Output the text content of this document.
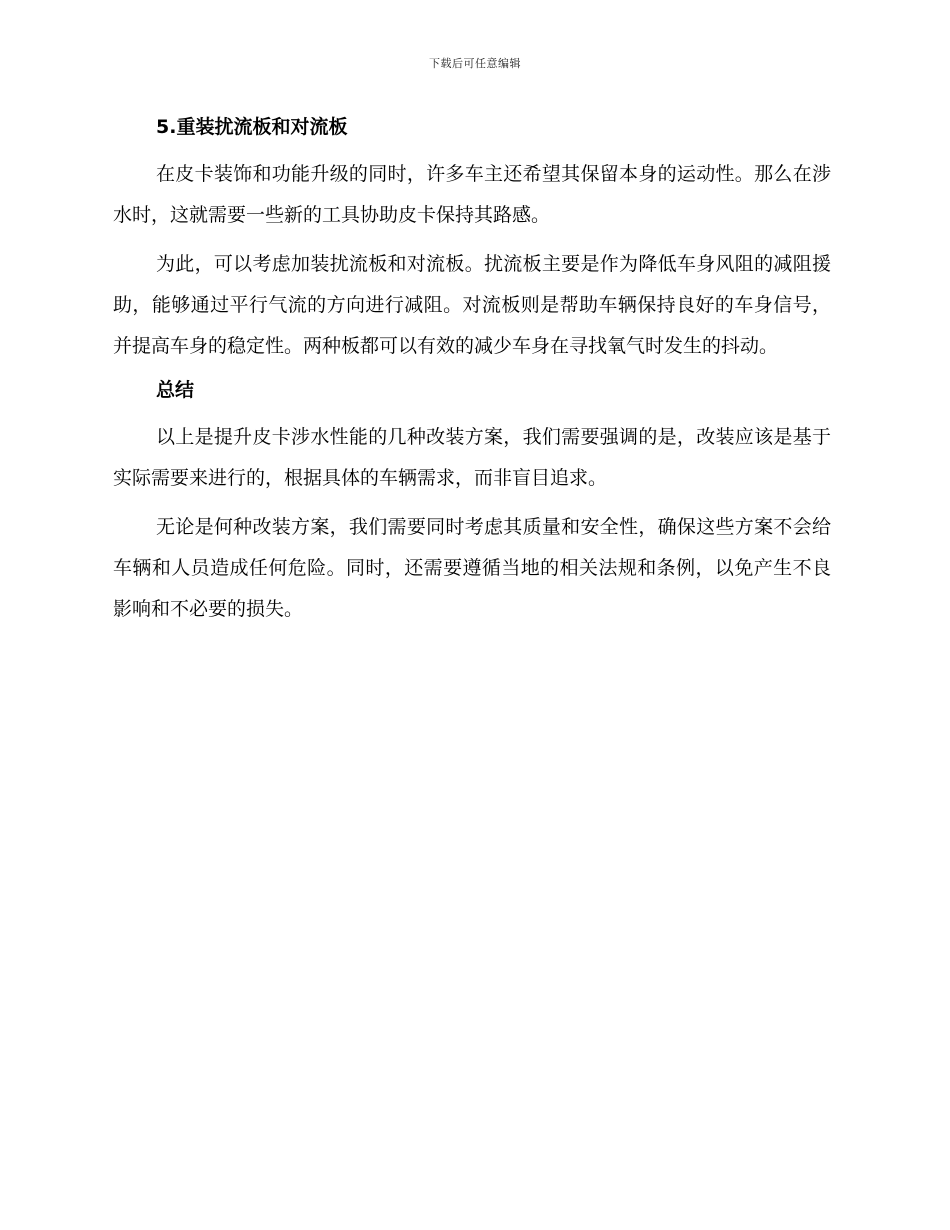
下载后可任意编辑
5.重装扰流板和对流板

在皮卡装饰和功能升级的同时，许多车主还希望其保留本身的运动性。那么在涉水时，这就需要一些新的工具协助皮卡保持其路感。

为此，可以考虑加装扰流板和对流板。扰流板主要是作为降低车身风阻的减阻援助，能够通过平行气流的方向进行减阻。对流板则是帮助车辆保持良好的车身信号，并提高车身的稳定性。两种板都可以有效的减少车身在寻找氧气时发生的抖动。

总结

以上是提升皮卡涉水性能的几种改装方案，我们需要强调的是，改装应该是基于实际需要来进行的，根据具体的车辆需求，而非盲目追求。

无论是何种改装方案，我们需要同时考虑其质量和安全性，确保这些方案不会给车辆和人员造成任何危险。同时，还需要遵循当地的相关法规和条例，以免产生不良影响和不必要的损失。
